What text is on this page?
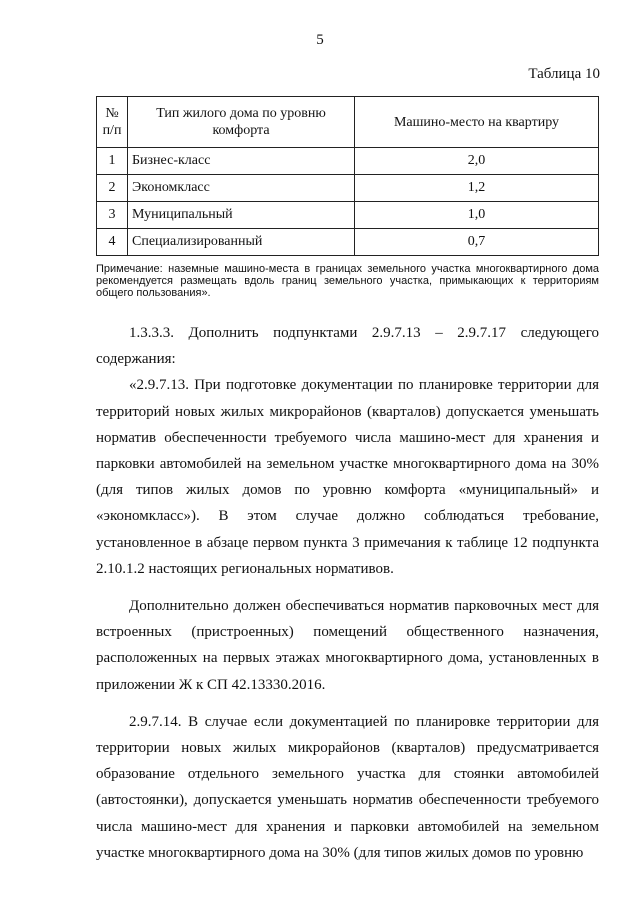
5
Таблица 10
№ п/п	Тип жилого дома по уровню комфорта	Машино-место на квартиру
1	Бизнес-класс	2,0
2	Экономкласс	1,2
3	Муниципальный	1,0
4	Специализированный	0,7
Примечание: наземные машино-места в границах земельного участка многоквартирного дома рекомендуется размещать вдоль границ земельного участка, примыкающих к территориям общего пользования».

1.3.3.3. Дополнить подпунктами 2.9.7.13 – 2.9.7.17 следующего содержания:

«2.9.7.13. При подготовке документации по планировке территории для территорий новых жилых микрорайонов (кварталов) допускается уменьшать норматив обеспеченности требуемого числа машино-мест для хранения и парковки автомобилей на земельном участке многоквартирного дома на 30% (для типов жилых домов по уровню комфорта «муниципальный» и «экономкласс»). В этом случае должно соблюдаться требование, установленное в абзаце первом пункта 3 примечания к таблице 12 подпункта 2.10.1.2 настоящих региональных нормативов.

Дополнительно должен обеспечиваться норматив парковочных мест для встроенных (пристроенных) помещений общественного назначения, расположенных на первых этажах многоквартирного дома, установленных в приложении Ж к СП 42.13330.2016.

2.9.7.14. В случае если документацией по планировке территории для территории новых жилых микрорайонов (кварталов) предусматривается образование отдельного земельного участка для стоянки автомобилей (автостоянки), допускается уменьшать норматив обеспеченности требуемого числа машино-мест для хранения и парковки автомобилей на земельном участке многоквартирного дома на 30% (для типов жилых домов по уровню
